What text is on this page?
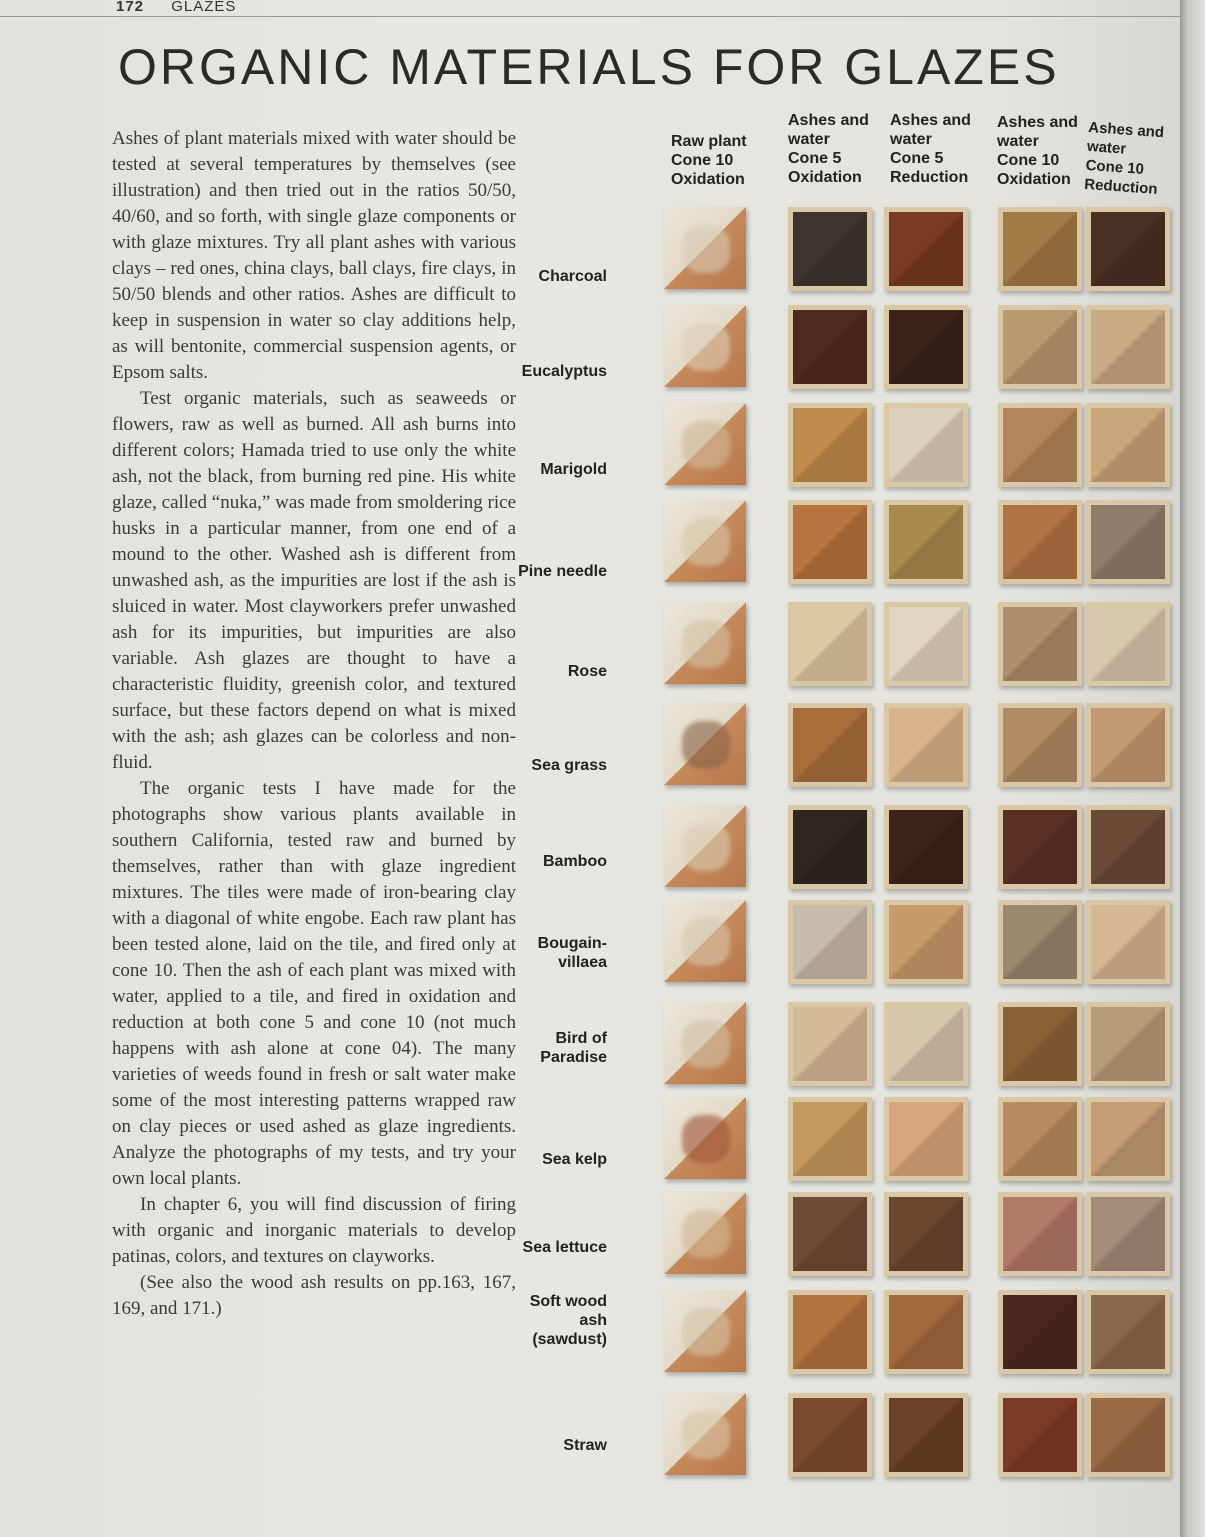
172 GLAZES
ORGANIC MATERIALS FOR GLAZES

Ashes of plant materials mixed with water should be tested at several temperatures by themselves (see illustration) and then tried out in the ratios 50/50, 40/60, and so forth, with single glaze components or with glaze mixtures. Try all plant ashes with various clays – red ones, china clays, ball clays, fire clays, in 50/50 blends and other ratios. Ashes are difficult to keep in suspension in water so clay additions help, as will bentonite, commercial suspension agents, or Epsom salts.

Test organic materials, such as seaweeds or flowers, raw as well as burned. All ash burns into different colors; Hamada tried to use only the white ash, not the black, from burning red pine. His white glaze, called “nuka,” was made from smoldering rice husks in a particular manner, from one end of a mound to the other. Washed ash is different from unwashed ash, as the impurities are lost if the ash is sluiced in water. Most clayworkers prefer unwashed ash for its impurities, but impurities are also variable. Ash glazes are thought to have a characteristic fluidity, greenish color, and textured surface, but these factors depend on what is mixed with the ash; ash glazes can be colorless and non-fluid.

The organic tests I have made for the photographs show various plants available in southern California, tested raw and burned by themselves, rather than with glaze ingredient mixtures. The tiles were made of iron-bearing clay with a diagonal of white engobe. Each raw plant has been tested alone, laid on the tile, and fired only at cone 10. Then the ash of each plant was mixed with water, applied to a tile, and fired in oxidation and reduction at both cone 5 and cone 10 (not much happens with ash alone at cone 04). The many varieties of weeds found in fresh or salt water make some of the most interesting patterns wrapped raw on clay pieces or used ashed as glaze ingredients. Analyze the photographs of my tests, and try your own local plants.

In chapter 6, you will find discussion of firing with organic and inorganic materials to develop patinas, colors, and textures on clayworks.

(See also the wood ash results on pp.163, 167, 169, and 171.)

Raw plant
Cone 10
Oxidation
Ashes and
water
Cone 5
Oxidation
Ashes and
water
Cone 5
Reduction
Ashes and
water
Cone 10
Oxidation
Ashes and
water
Cone 10
Reduction
Charcoal
Eucalyptus
Marigold
Pine needle
Rose
Sea grass
Bamboo
Bougain-
villaea
Bird of
Paradise
Sea kelp
Sea lettuce
Soft wood
ash
(sawdust)
Straw
